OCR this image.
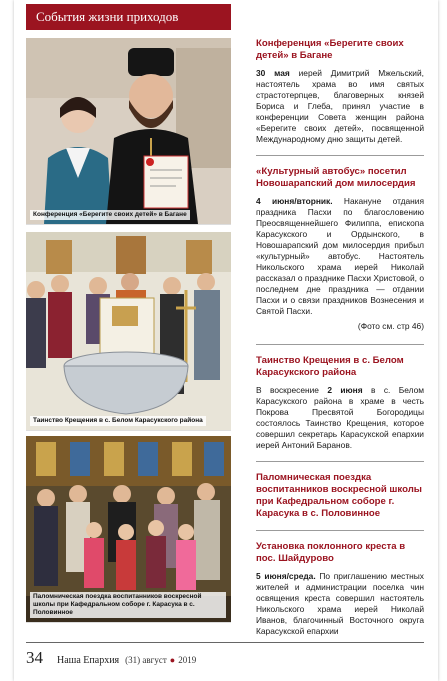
События жизни приходов
Конференция «Берегите своих детей» в Багане
Таинство Крещения в с. Белом Карасукского района
Паломническая поездка воспитанников воскресной школы при Кафедральном соборе г. Карасука в с. Половинное
Конференция «Берегите своих детей» в Багане

30 мая иерей Димитрий Мжельский, настоятель храма во имя святых страстотерпцев, благоверных князей Бориса и Глеба, принял участие в конференции Совета женщин района «Берегите своих детей», посвященной Международному дню защиты детей.

«Культурный автобус» посетил Новошарапский дом милосердия

4 июня/вторник. Накануне отдания праздника Пасхи по благословению Преосвященнейшего Филиппа, епископа Карасукского и Ордынского, в Новошарапский дом милосердия прибыл «культурный» автобус. Настоятель Никольского храма иерей Николай рассказал о празднике Пасхи Христовой, о последнем дне праздника — отдании Пасхи и о связи праздников Вознесения и Святой Пасхи.

(Фото см. стр 46)

Таинство Крещения в с. Белом Карасукского района

В воскресение 2 июня в с. Белом Карасукского района в храме в честь Покрова Пресвятой Богородицы состоялось Таинство Крещения, которое совершил секретарь Карасукской епархии иерей Антоний Баранов.

Паломническая поездка воспитанников воскресной школы при Кафедральном соборе г. Карасука в с. Половинное
Установка поклонного креста в пос. Шайдурово

5 июня/среда. По приглашению местных жителей и администрации поселка чин освящения креста совершил настоятель Никольского храма иерей Николай Иванов, благочинный Восточного округа Карасукской епархии

34 Наша Епархия (31) август ● 2019
